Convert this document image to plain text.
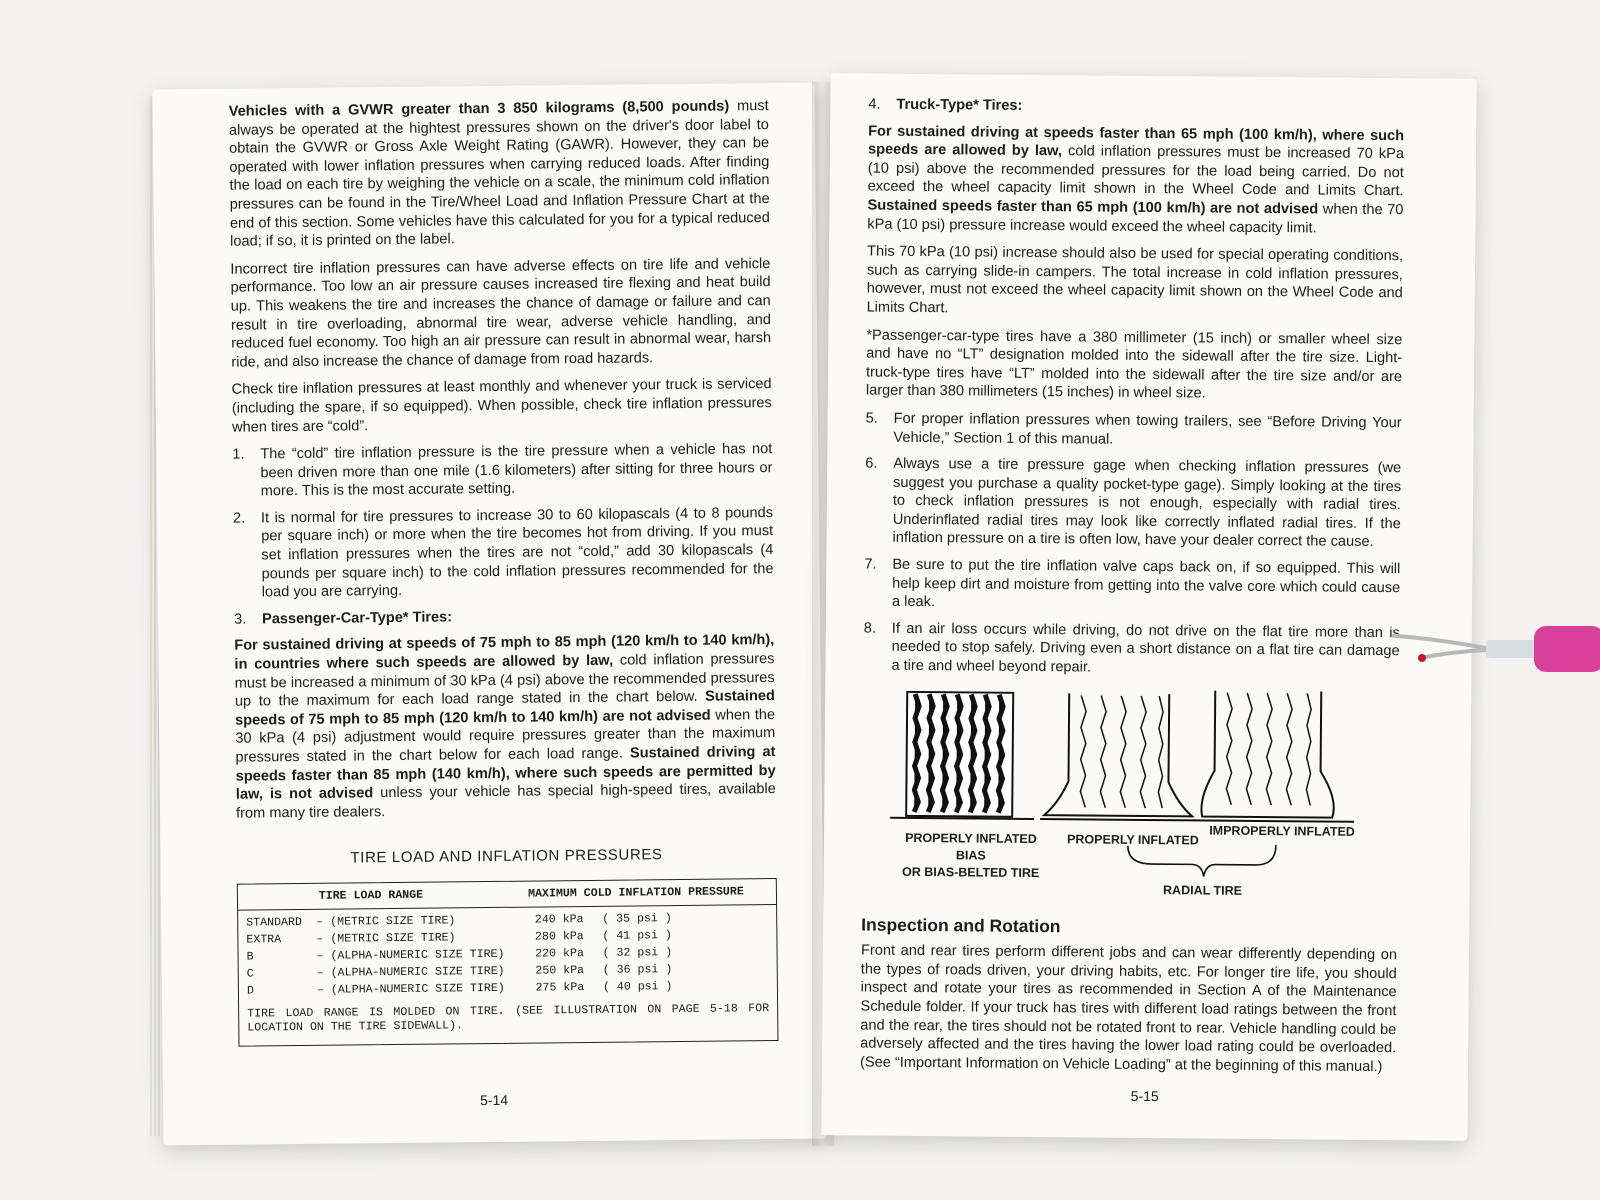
Vehicles with a GVWR greater than 3 850 kilograms (8,500 pounds) must always be operated at the hightest pressures shown on the driver's door label to obtain the GVWR or Gross Axle Weight Rating (GAWR). However, they can be operated with lower inflation pressures when carrying reduced loads. After finding the load on each tire by weighing the vehicle on a scale, the minimum cold inflation pressures can be found in the Tire/Wheel Load and Inflation Pressure Chart at the end of this section. Some vehicles have this calculated for you for a typical reduced load; if so, it is printed on the label.

Incorrect tire inflation pressures can have adverse effects on tire life and vehicle performance. Too low an air pressure causes increased tire flexing and heat build up. This weakens the tire and increases the chance of damage or failure and can result in tire overloading, abnormal tire wear, adverse vehicle handling, and reduced fuel economy. Too high an air pressure can result in abnormal wear, harsh ride, and also increase the chance of damage from road hazards.

Check tire inflation pressures at least monthly and whenever your truck is serviced (including the spare, if so equipped). When possible, check tire inflation pressures when tires are “cold”.

1.	The “cold” tire inflation pressure is the tire pressure when a vehicle has not been driven more than one mile (1.6 kilometers) after sitting for three hours or more. This is the most accurate setting.
2.	It is normal for tire pressures to increase 30 to 60 kilopascals (4 to 8 pounds per square inch) or more when the tire becomes hot from driving. If you must set inflation pressures when the tires are not “cold,” add 30 kilopascals (4 pounds per square inch) to the cold inflation pressures recommended for the load you are carrying.
3.	Passenger-Car-Type* Tires:

For sustained driving at speeds of 75 mph to 85 mph (120 km/h to 140 km/h), in countries where such speeds are allowed by law, cold inflation pressures must be increased a minimum of 30 kPa (4 psi) above the recommended pressures up to the maximum for each load range stated in the chart below. Sustained speeds of 75 mph to 85 mph (120 km/h to 140 km/h) are not advised when the 30 kPa (4 psi) adjustment would require pressures greater than the maximum pressures stated in the chart below for each load range. Sustained driving at speeds faster than 85 mph (140 km/h), where such speeds are permitted by law, is not advised unless your vehicle has special high-speed tires, available from many tire dealers.

TIRE LOAD AND INFLATION PRESSURES
TIRE LOAD RANGE	MAXIMUM COLD INFLATION PRESSURE
STANDARD	– (METRIC SIZE TIRE)	240 kPa	( 35 psi )
EXTRA	– (METRIC SIZE TIRE)	280 kPa	( 41 psi )
B	– (ALPHA-NUMERIC SIZE TIRE)	220 kPa	( 32 psi )
C	– (ALPHA-NUMERIC SIZE TIRE)	250 kPa	( 36 psi )
D	– (ALPHA-NUMERIC SIZE TIRE)	275 kPa	( 40 psi )
TIRE LOAD RANGE IS MOLDED ON TIRE. (SEE ILLUSTRATION ON PAGE 5-18 FOR LOCATION ON THE TIRE SIDEWALL).
5-14
4.	Truck-Type* Tires:

For sustained driving at speeds faster than 65 mph (100 km/h), where such speeds are allowed by law, cold inflation pressures must be increased 70 kPa (10 psi) above the recommended pressures for the load being carried. Do not exceed the wheel capacity limit shown in the Wheel Code and Limits Chart. Sustained speeds faster than 65 mph (100 km/h) are not advised when the 70 kPa (10 psi) pressure increase would exceed the wheel capacity limit.

This 70 kPa (10 psi) increase should also be used for special operating conditions, such as carrying slide-in campers. The total increase in cold inflation pressures, however, must not exceed the wheel capacity limit shown on the Wheel Code and Limits Chart.

*Passenger-car-type tires have a 380 millimeter (15 inch) or smaller wheel size and have no “LT” designation molded into the sidewall after the tire size. Light-truck-type tires have “LT” molded into the sidewall after the tire size and/or are larger than 380 millimeters (15 inches) in wheel size.

5.	For proper inflation pressures when towing trailers, see “Before Driving Your Vehicle,” Section 1 of this manual.
6.	Always use a tire pressure gage when checking inflation pressures (we suggest you purchase a quality pocket-type gage). Simply looking at the tires to check inflation pressures is not enough, especially with radial tires. Underinflated radial tires may look like correctly inflated radial tires. If the inflation pressure on a tire is often low, have your dealer correct the cause.
7.	Be sure to put the tire inflation valve caps back on, if so equipped. This will help keep dirt and moisture from getting into the valve core which could cause a leak.
8.	If an air loss occurs while driving, do not drive on the flat tire more than is needed to stop safely. Driving even a short distance on a flat tire can damage a tire and wheel beyond repair.
PROPERLY INFLATED
BIAS
OR BIAS-BELTED TIRE
PROPERLY INFLATED
IMPROPERLY INFLATED
RADIAL TIRE
Inspection and Rotation

Front and rear tires perform different jobs and can wear differently depending on the types of roads driven, your driving habits, etc. For longer tire life, you should inspect and rotate your tires as recommended in Section A of the Maintenance Schedule folder. If your truck has tires with different load ratings between the front and the rear, the tires should not be rotated front to rear. Vehicle handling could be adversely affected and the tires having the lower load rating could be overloaded. (See “Important Information on Vehicle Loading” at the beginning of this manual.)

5-15
